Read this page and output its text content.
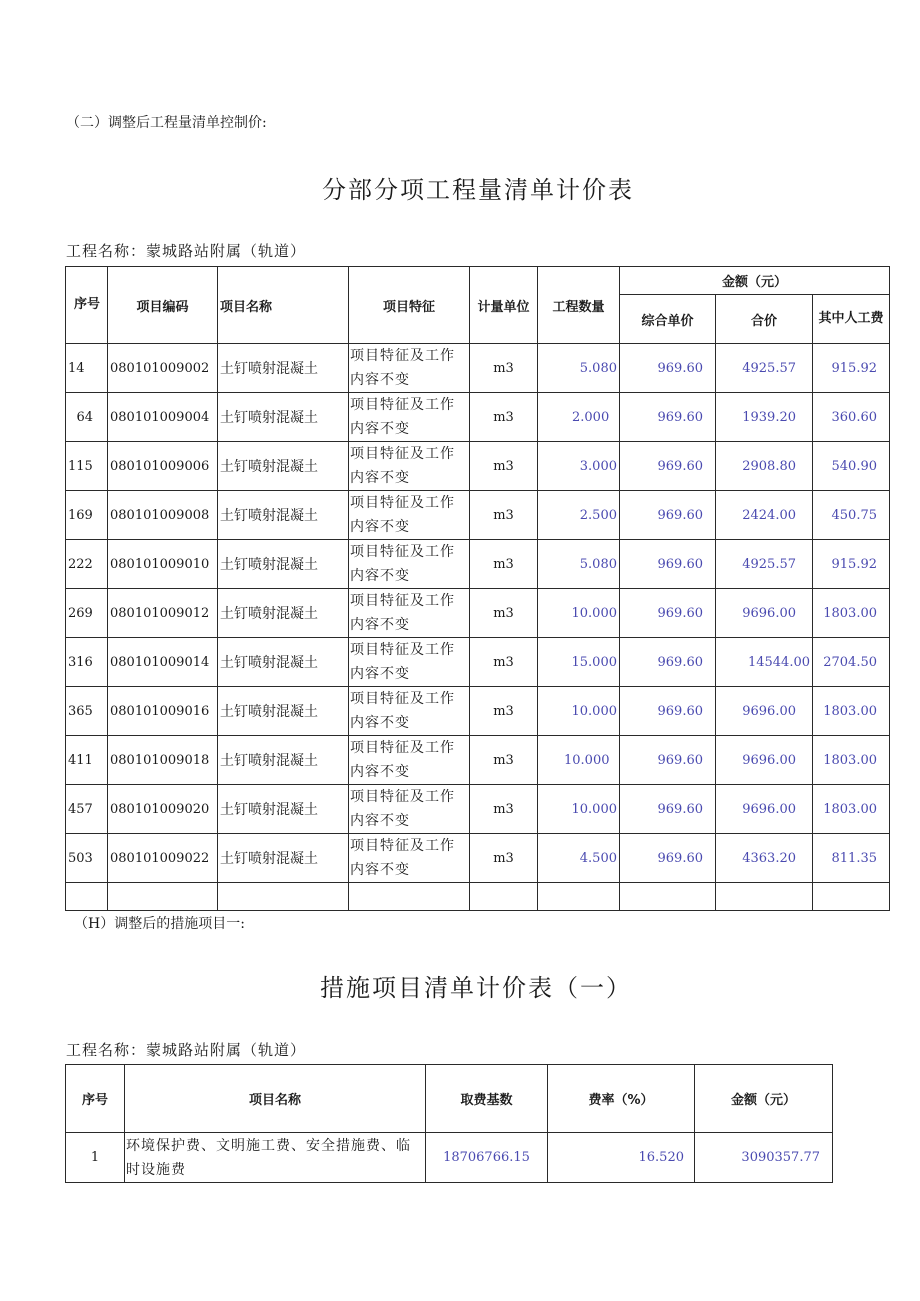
（二）调整后工程量清单控制价:
分部分项工程量清单计价表
工程名称：蒙城路站附属（轨道）
序号	项目编码	项目名称	项目特征	计量单位	工程数量	金额（元）		
						综合单价	合价	其中人工费
14	080101009002	土钉喷射混凝土	项目特征及工作内容不变	m3	5.080	969.60	4925.57	915.92
64	080101009004	土钉喷射混凝土	项目特征及工作内容不变	m3	2.000	969.60	1939.20	360.60
115	080101009006	土钉喷射混凝土	项目特征及工作内容不变	m3	3.000	969.60	2908.80	540.90
169	080101009008	土钉喷射混凝土	项目特征及工作内容不变	m3	2.500	969.60	2424.00	450.75
222	080101009010	土钉喷射混凝土	项目特征及工作内容不变	m3	5.080	969.60	4925.57	915.92
269	080101009012	土钉喷射混凝土	项目特征及工作内容不变	m3	10.000	969.60	9696.00	1803.00
316	080101009014	土钉喷射混凝土	项目特征及工作内容不变	m3	15.000	969.60	14544.00	2704.50
365	080101009016	土钉喷射混凝土	项目特征及工作内容不变	m3	10.000	969.60	9696.00	1803.00
411	080101009018	土钉喷射混凝土	项目特征及工作内容不变	m3	10.000	969.60	9696.00	1803.00
457	080101009020	土钉喷射混凝土	项目特征及工作内容不变	m3	10.000	969.60	9696.00	1803.00
503	080101009022	土钉喷射混凝土	项目特征及工作内容不变	m3	4.500	969.60	4363.20	811.35

（H）调整后的措施项目一:
措施项目清单计价表（一）
工程名称：蒙城路站附属（轨道）
序号	项目名称	取费基数	费率（%）	金额（元）
1	环境保护费、文明施工费、安全措施费、临时设施费	18706766.15	16.520	3090357.77
